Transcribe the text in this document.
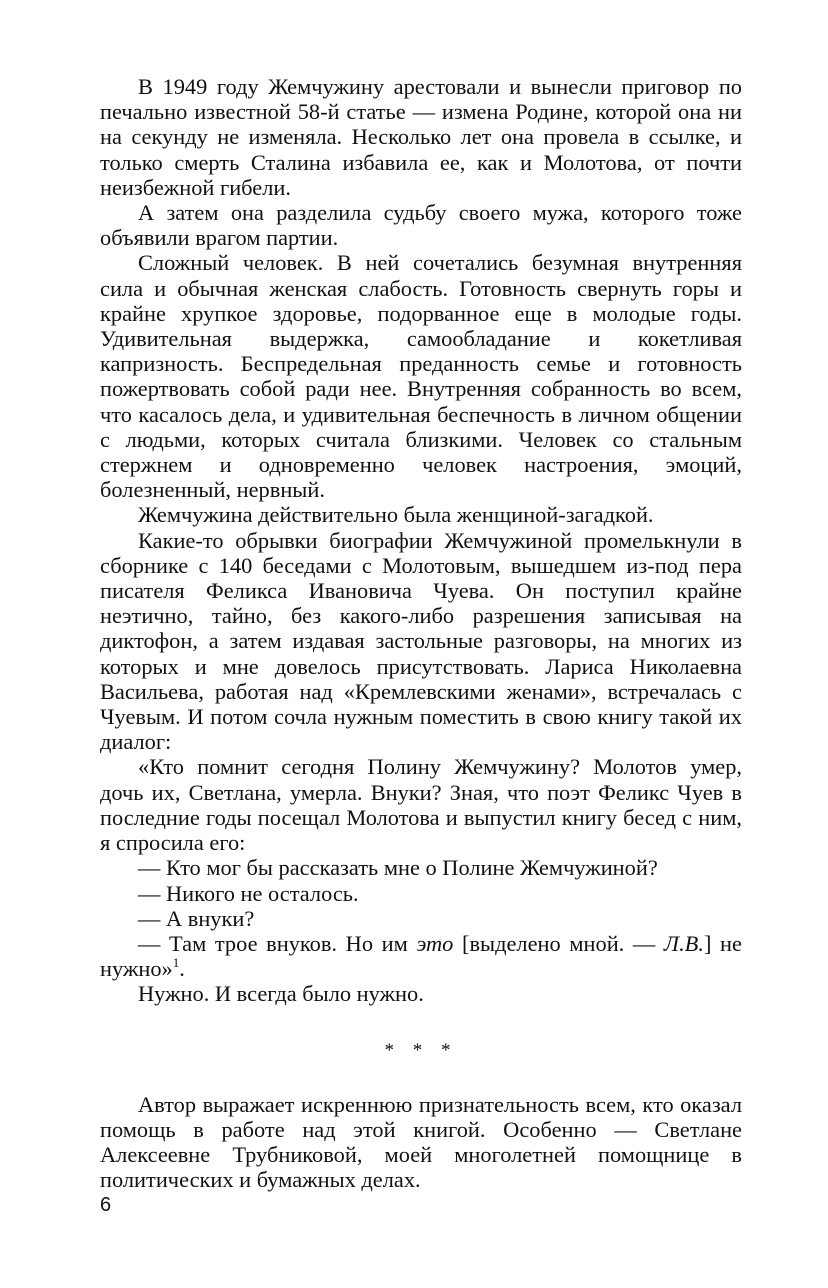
В 1949 году Жемчужину арестовали и вынесли приговор по печально известной 58-й статье — измена Родине, которой она ни на секунду не изменяла. Несколько лет она провела в ссылке, и только смерть Сталина избавила ее, как и Молотова, от почти неизбежной гибели.

А затем она разделила судьбу своего мужа, которого тоже объявили врагом партии.

Сложный человек. В ней сочетались безумная внутренняя сила и обычная женская слабость. Готовность свернуть горы и крайне хрупкое здоровье, подорванное еще в молодые годы. Удивительная выдержка, самообладание и кокетливая капризность. Беспредельная преданность семье и готовность пожертвовать собой ради нее. Внутренняя собранность во всем, что касалось дела, и удивительная беспечность в личном общении с людьми, которых считала близкими. Человек со стальным стержнем и одновременно человек настроения, эмоций, болезненный, нервный.

Жемчужина действительно была женщиной-загадкой.

Какие-то обрывки биографии Жемчужиной промелькнули в сборнике с 140 беседами с Молотовым, вышедшем из-под пера писателя Феликса Ивановича Чуева. Он поступил крайне неэтично, тайно, без какого-либо разрешения записывая на диктофон, а затем издавая застольные разговоры, на многих из которых и мне довелось присутствовать. Лариса Николаевна Васильева, работая над «Кремлевскими женами», встречалась с Чуевым. И потом сочла нужным поместить в свою книгу такой их диалог:

«Кто помнит сегодня Полину Жемчужину? Молотов умер, дочь их, Светлана, умерла. Внуки? Зная, что поэт Феликс Чуев в последние годы посещал Молотова и выпустил книгу бесед с ним, я спросила его:

— Кто мог бы рассказать мне о Полине Жемчужиной?

— Никого не осталось.

— А внуки?

— Там трое внуков. Но им это [выделено мной. — Л.В.] не нужно»$^1$.

Нужно. И всегда было нужно.

* * *

Автор выражает искреннюю признательность всем, кто оказал помощь в работе над этой книгой. Особенно — Светлане Алексеевне Трубниковой, моей многолетней помощнице в политических и бумажных делах.

6
